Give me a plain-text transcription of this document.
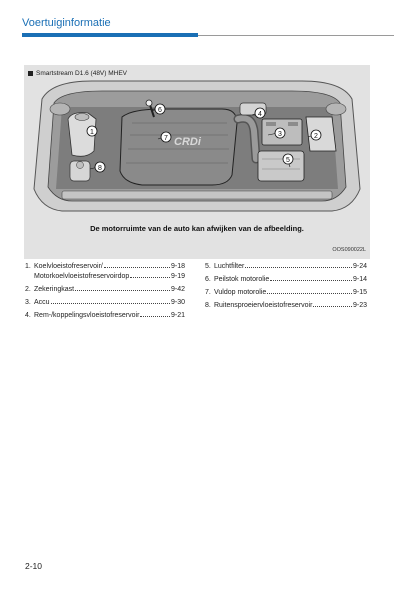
Voertuiginformatie
Smartstream D1.6 (48V) MHEV
CRDi
1
2
3
4
5
6
7
8
De motorruimte van de auto kan afwijken van de afbeelding.
OOS090022L
1. Koelvloeistofreservoir/	9-18
Motorkoelvloeistofreservoirdop	9-19
2. Zekeringkast	9-42
3. Accu	9-30
4. Rem-/koppelingsvloeistofreservoir	9-21
5. Luchtfilter	9-24
6. Peilstok motorolie	9-14
7. Vuldop motorolie	9-15
8. Ruitensproeiervloeistofreservoir	9-23
2-10
